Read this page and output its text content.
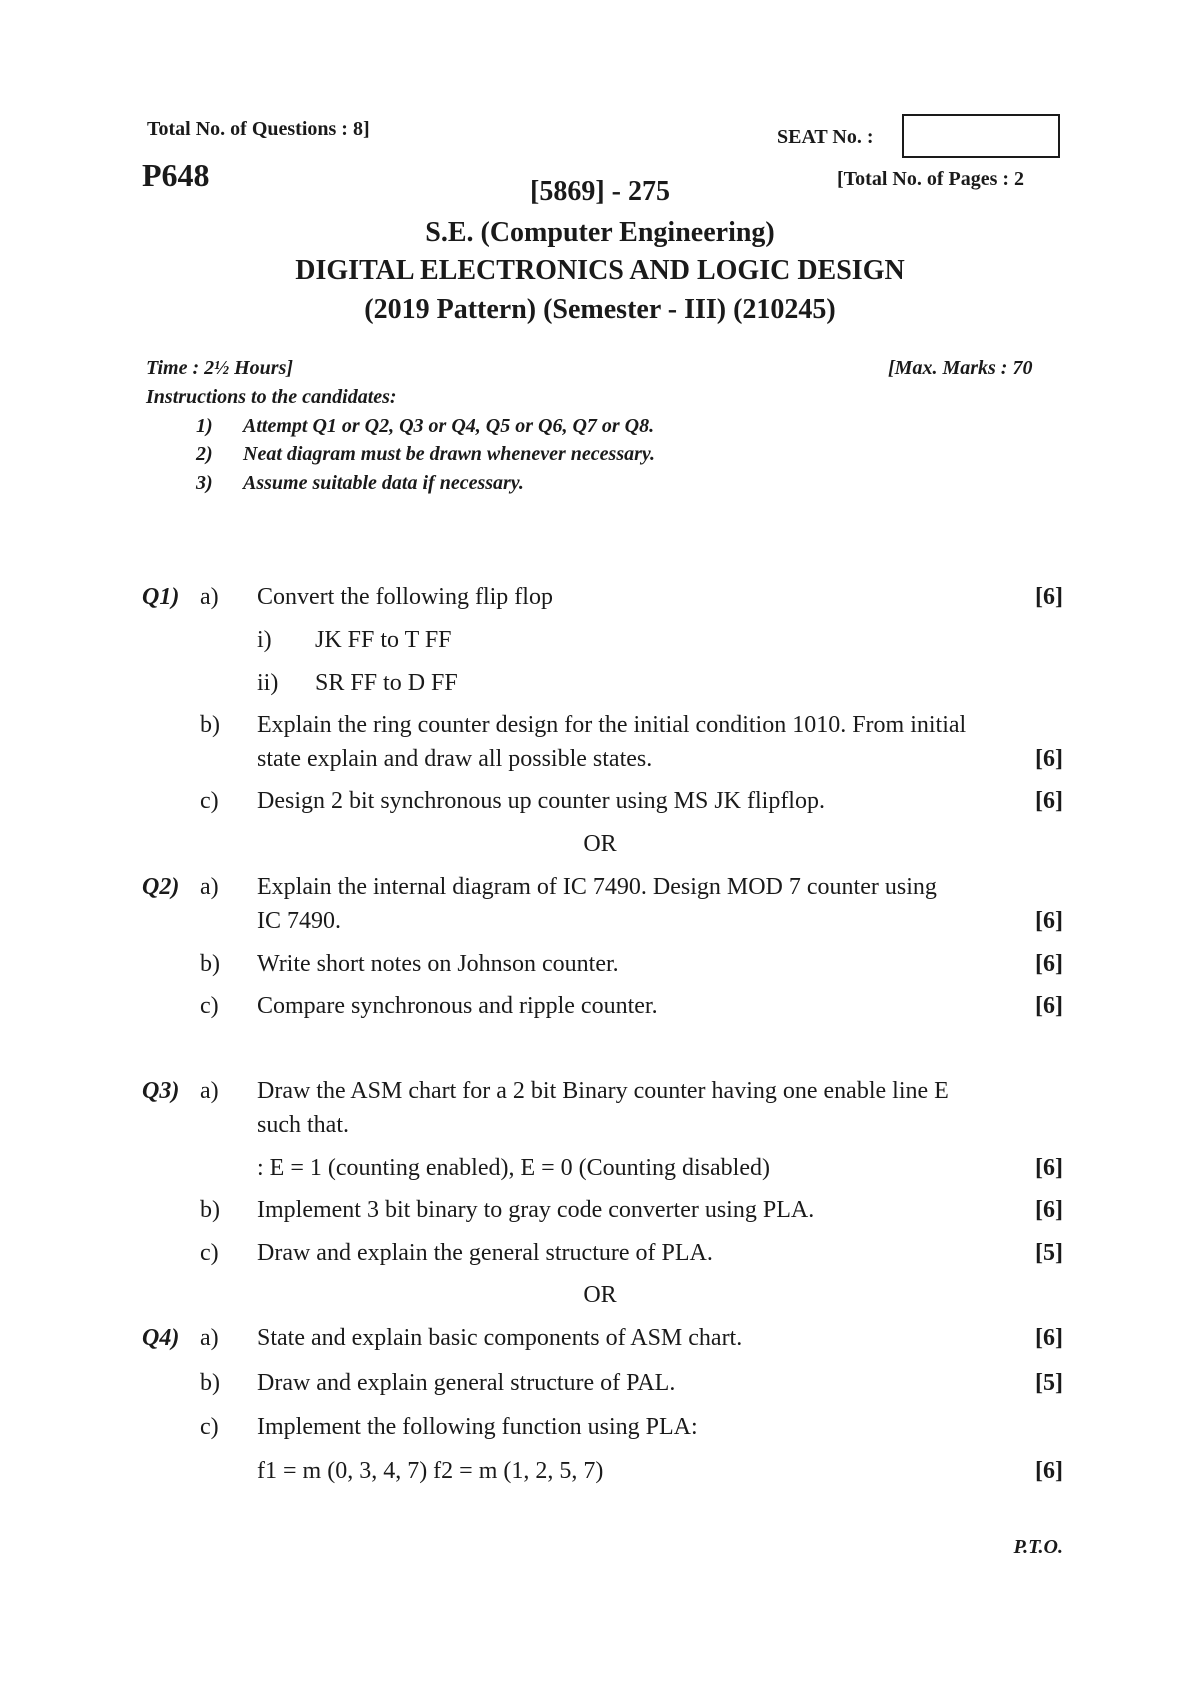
Total No. of Questions : 8]	SEAT No. :
P648	[Total No. of Pages : 2
[5869] - 275
S.E. (Computer Engineering)
DIGITAL ELECTRONICS AND LOGIC DESIGN
(2019 Pattern) (Semester - III) (210245)
Time : 2½ Hours]	[Max. Marks : 70
Instructions to the candidates:
1) Attempt Q1 or Q2, Q3 or Q4, Q5 or Q6, Q7 or Q8.
2) Neat diagram must be drawn whenever necessary.
3) Assume suitable data if necessary.
Q1) a) Convert the following flip flop	[6]
i) JK FF to T FF
ii) SR FF to D FF
b) Explain the ring counter design for the initial condition 1010. From initial
state explain and draw all possible states.	[6]
c) Design 2 bit synchronous up counter using MS JK flipflop.	[6]
OR
Q2) a) Explain the internal diagram of IC 7490. Design MOD 7 counter using
IC 7490.	[6]
b) Write short notes on Johnson counter.	[6]
c) Compare synchronous and ripple counter.	[6]
Q3) a) Draw the ASM chart for a 2 bit Binary counter having one enable line E
such that.
: E = 1 (counting enabled), E = 0 (Counting disabled)	[6]
b) Implement 3 bit binary to gray code converter using PLA.	[6]
c) Draw and explain the general structure of PLA.	[5]
OR
Q4) a) State and explain basic components of ASM chart.	[6]
b) Draw and explain general structure of PAL.	[5]
c) Implement the following function using PLA:
f1 = m (0, 3, 4, 7) f2 = m (1, 2, 5, 7)	[6]
P.T.O.
